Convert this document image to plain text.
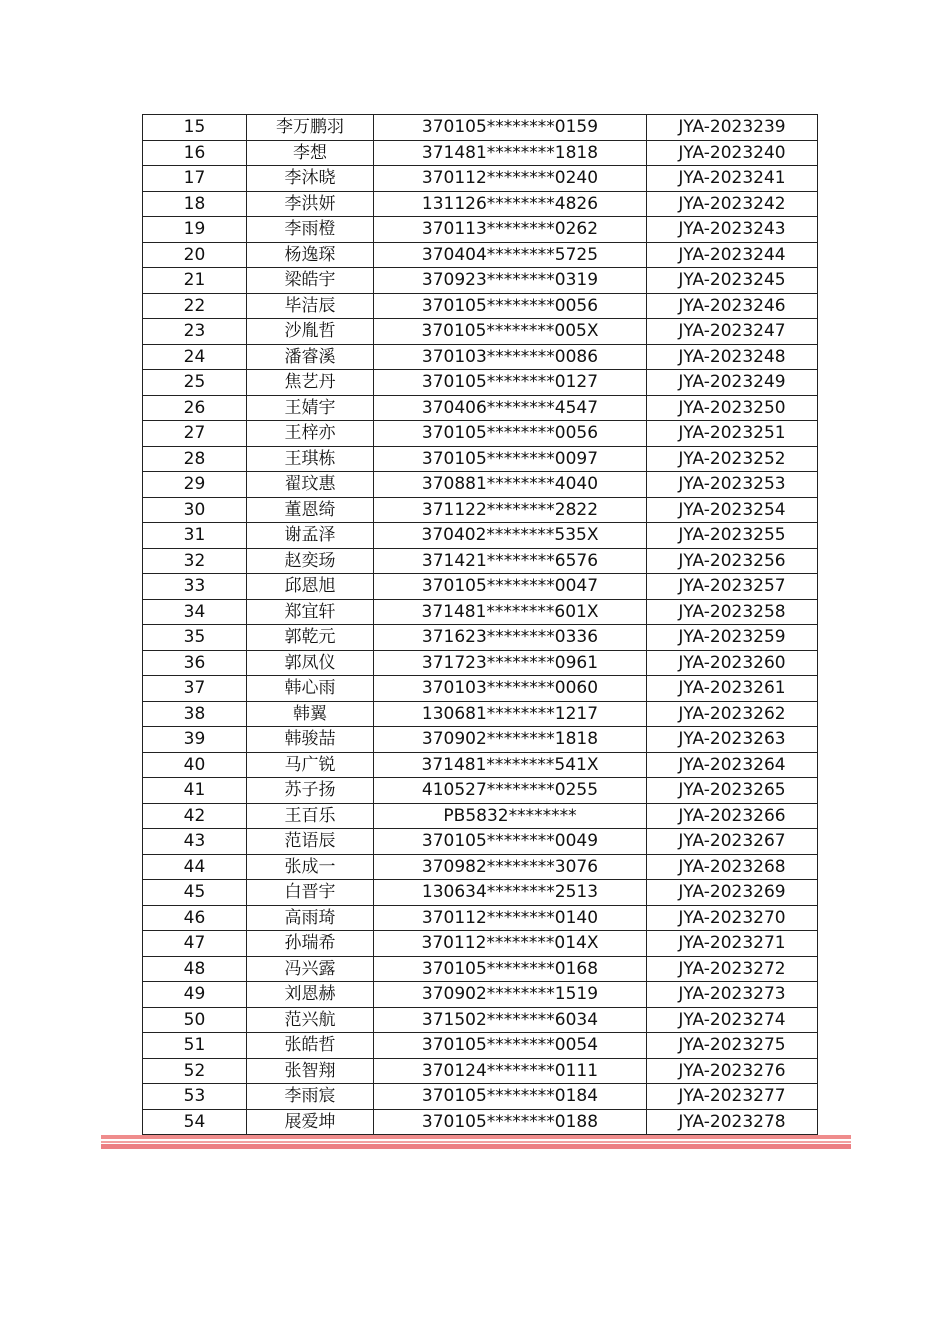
15	李万鹏羽	370105********0159	JYA-2023239
16	李想	371481********1818	JYA-2023240
17	李沐晓	370112********0240	JYA-2023241
18	李洪妍	131126********4826	JYA-2023242
19	李雨橙	370113********0262	JYA-2023243
20	杨逸琛	370404********5725	JYA-2023244
21	梁皓宇	370923********0319	JYA-2023245
22	毕洁辰	370105********0056	JYA-2023246
23	沙胤哲	370105********005X	JYA-2023247
24	潘睿溪	370103********0086	JYA-2023248
25	焦艺丹	370105********0127	JYA-2023249
26	王婧宇	370406********4547	JYA-2023250
27	王梓亦	370105********0056	JYA-2023251
28	王琪栋	370105********0097	JYA-2023252
29	翟玟惠	370881********4040	JYA-2023253
30	董恩绮	371122********2822	JYA-2023254
31	谢孟泽	370402********535X	JYA-2023255
32	赵奕玚	371421********6576	JYA-2023256
33	邱恩旭	370105********0047	JYA-2023257
34	郑宜轩	371481********601X	JYA-2023258
35	郭乾元	371623********0336	JYA-2023259
36	郭凤仪	371723********0961	JYA-2023260
37	韩心雨	370103********0060	JYA-2023261
38	韩翼	130681********1217	JYA-2023262
39	韩骏喆	370902********1818	JYA-2023263
40	马广锐	371481********541X	JYA-2023264
41	苏子扬	410527********0255	JYA-2023265
42	王百乐	PB5832********	JYA-2023266
43	范语辰	370105********0049	JYA-2023267
44	张成一	370982********3076	JYA-2023268
45	白晋宇	130634********2513	JYA-2023269
46	高雨琦	370112********0140	JYA-2023270
47	孙瑞希	370112********014X	JYA-2023271
48	冯兴露	370105********0168	JYA-2023272
49	刘恩赫	370902********1519	JYA-2023273
50	范兴航	371502********6034	JYA-2023274
51	张皓哲	370105********0054	JYA-2023275
52	张智翔	370124********0111	JYA-2023276
53	李雨宸	370105********0184	JYA-2023277
54	展爱坤	370105********0188	JYA-2023278
